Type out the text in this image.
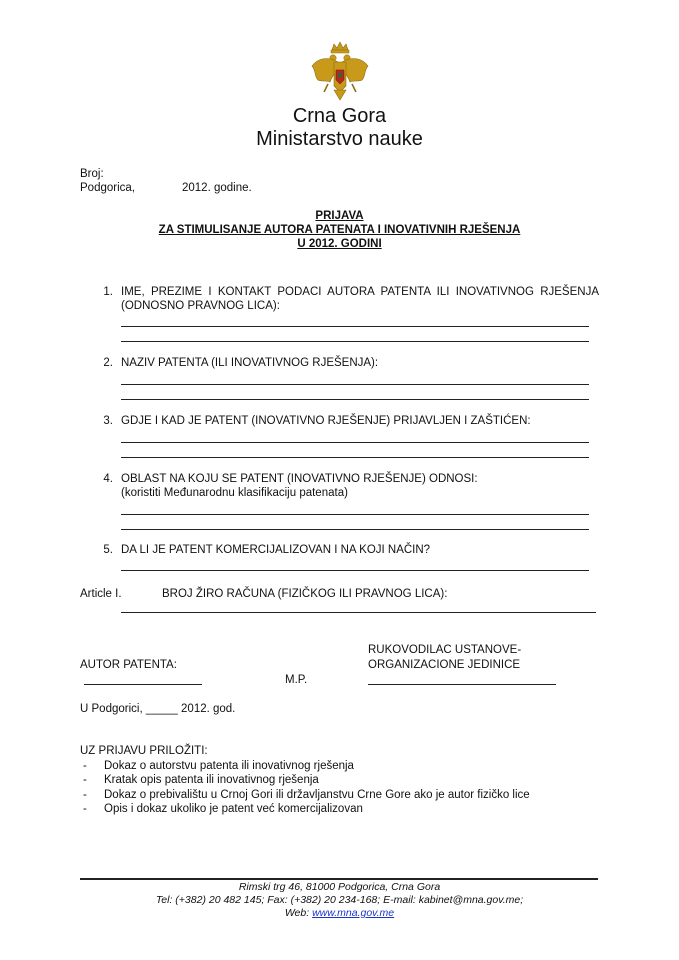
Crna Gora
Ministarstvo nauke
Broj:
Podgorica,	2012. godine.
PRIJAVA
ZA STIMULISANJE AUTORA PATENATA I INOVATIVNIH RJEŠENJA
U 2012. GODINI
1. IME, PREZIME I KONTAKT PODACI AUTORA PATENTA ILI INOVATIVNOG RJEŠENJA (ODNOSNO PRAVNOG LICA):
2. NAZIV PATENTA (ILI INOVATIVNOG RJEŠENJA):
3. GDJE I KAD JE PATENT (INOVATIVNO RJEŠENJE) PRIJAVLJEN I ZAŠTIĆEN:
4. OBLAST NA KOJU SE PATENT (INOVATIVNO RJEŠENJE) ODNOSI:
(koristiti Međunarodnu klasifikaciju patenata)
5. DA LI JE PATENT KOMERCIJALIZOVAN I NA KOJI NAČIN?
Article I.	BROJ ŽIRO RAČUNA (FIZIČKOG ILI PRAVNOG LICA):
RUKOVODILAC USTANOVE-
AUTOR PATENTA:	ORGANIZACIONE JEDINICE
M.P.
U Podgorici, _____ 2012. god.
UZ PRIJAVU PRILOŽITI:
- Dokaz o autorstvu patenta ili inovativnog rješenja
- Kratak opis patenta ili inovativnog rješenja
- Dokaz o prebivalištu u Crnoj Gori ili državljanstvu Crne Gore ako je autor fizičko lice
- Opis i dokaz ukoliko je patent već komercijalizovan
Rimski trg 46, 81000 Podgorica, Crna Gora
Tel: (+382) 20 482 145; Fax: (+382) 20 234-168; E-mail: kabinet@mna.gov.me;
Web: www.mna.gov.me
